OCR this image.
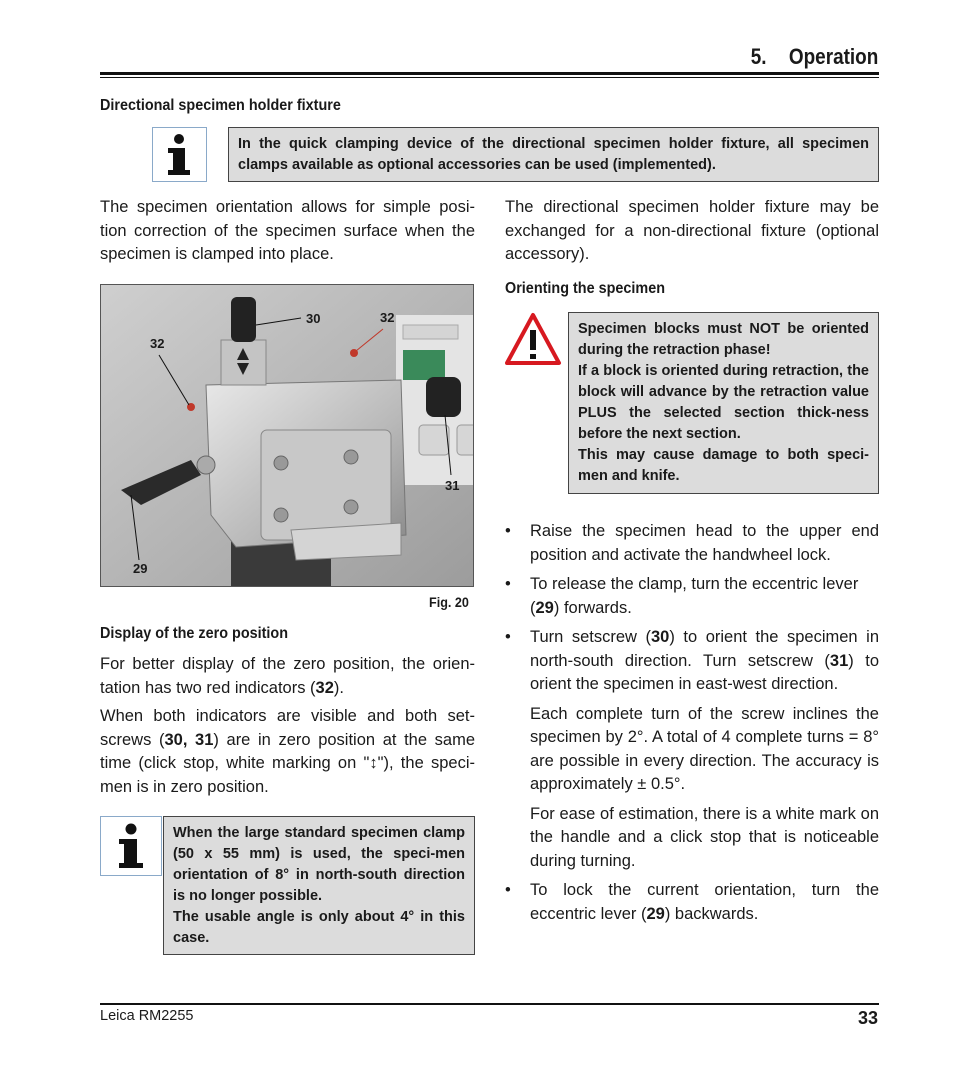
5. Operation
Directional specimen holder fixture
In the quick clamping device of the directional specimen holder fixture, all specimen clamps available as optional accessories can be used (implemented).
The specimen orientation allows for simple posi-tion correction of the specimen surface when the specimen is clamped into place.
The directional specimen holder fixture may be exchanged for a non-directional fixture (optional accessory).
30	32
32
31
29
Fig. 20
Display of the zero position
For better display of the zero position, the orien-tation has two red indicators (32).
When both indicators are visible and both set-screws (30, 31) are in zero position at the same time (click stop, white marking on "↕"), the speci-men is in zero position.
When the large standard specimen clamp (50 x 55 mm) is used, the speci-men orientation of 8° in north-south direction is no longer possible.
The usable angle is only about 4° in this case.
Orienting the specimen
Specimen blocks must NOT be oriented during the retraction phase!
If a block is oriented during retraction, the block will advance by the retraction value PLUS the selected section thick-ness before the next section.
This may cause damage to both speci-men and knife.
• Raise the specimen head to the upper end position and activate the handwheel lock.
• To release the clamp, turn the eccentric lever (29) forwards.
• Turn setscrew (30) to orient the specimen in north-south direction. Turn setscrew (31) to orient the specimen in east-west direction.
Each complete turn of the screw inclines the specimen by 2°. A total of 4 complete turns = 8° are possible in every direction. The accuracy is approximately ± 0.5°.
For ease of estimation, there is a white mark on the handle and a click stop that is noticeable during turning.
• To lock the current orientation, turn the eccentric lever (29) backwards.
Leica RM2255	33
